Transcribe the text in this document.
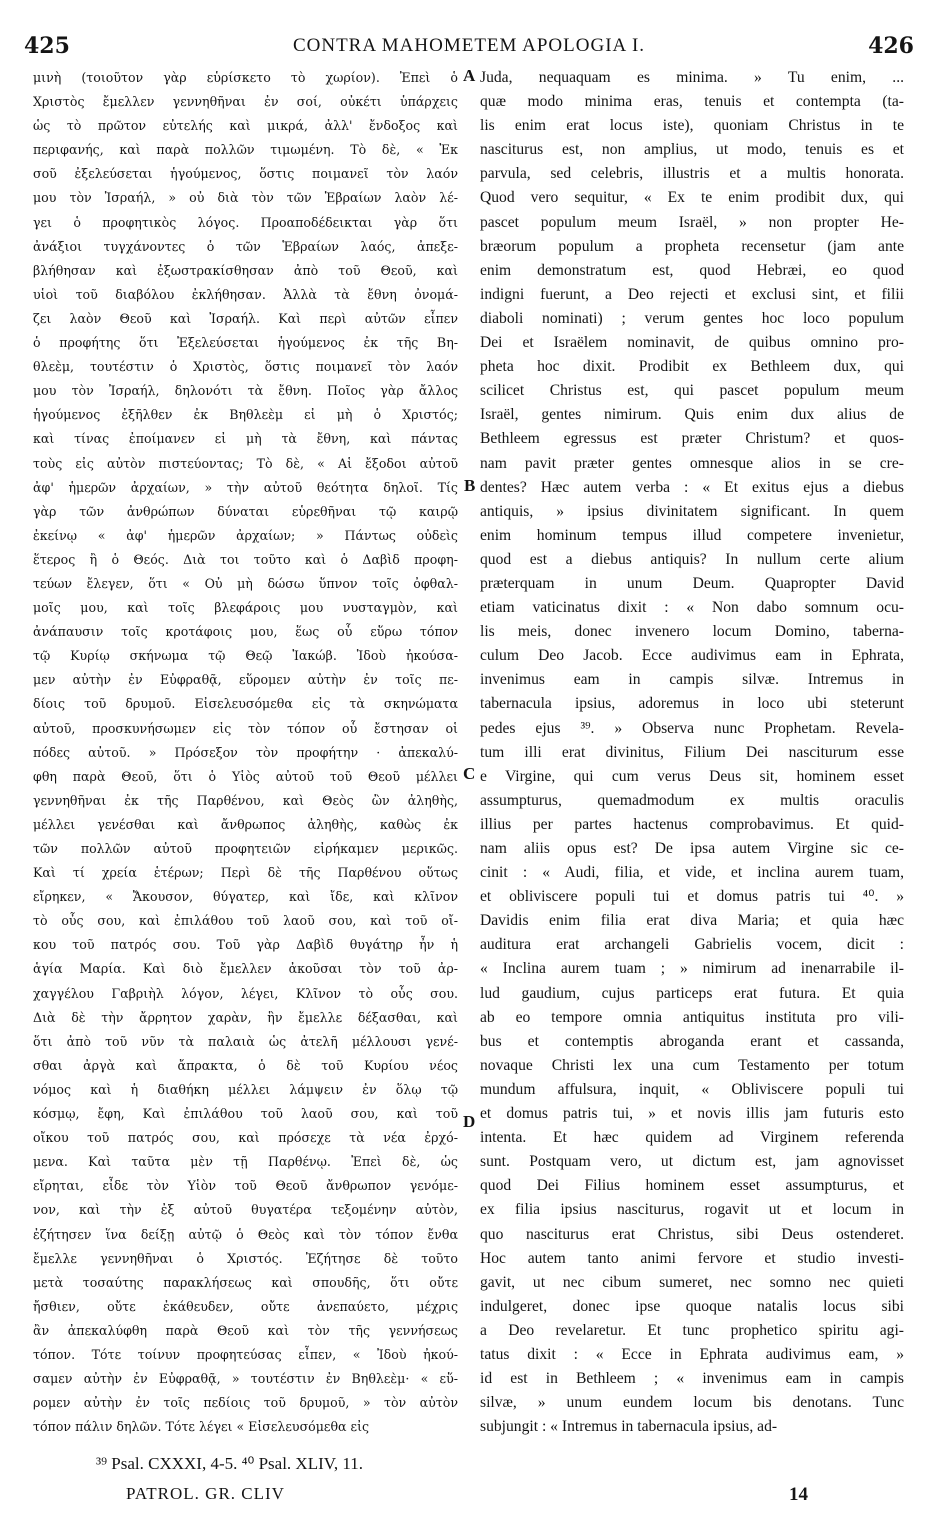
425	CONTRA MAHOMETEM APOLOGIA I.	426
μινὴ (τοιοῦτον γὰρ εὑρίσκετο τὸ χωρίον). Ἐπεὶ ὁ
Χριστὸς ἔμελλεν γεννηθῆναι ἐν σοί, οὐκέτι ὑπάρχεις
ὡς τὸ πρῶτον εὐτελής καὶ μικρά, ἀλλ' ἔνδοξος καὶ
περιφανής, καὶ παρὰ πολλῶν τιμωμένη. Τὸ δὲ, « Ἐκ
σοῦ ἐξελεύσεται ἡγούμενος, ὅστις ποιμανεῖ τὸν λαόν
μου τὸν Ἰσραήλ, » οὐ διὰ τὸν τῶν Ἑβραίων λαὸν λέ-
γει ὁ προφητικὸς λόγος. Προαποδέδεικται γὰρ ὅτι
ἀνάξιοι τυγχάνοντες ὁ τῶν Ἑβραίων λαός, ἀπεξε-
βλήθησαν καὶ ἐξωστρακίσθησαν ἀπὸ τοῦ Θεοῦ, καὶ
υἱοὶ τοῦ διαβόλου ἐκλήθησαν. Ἀλλὰ τὰ ἔθνη ὀνομά-
ζει λαὸν Θεοῦ καὶ Ἰσραήλ. Καὶ περὶ αὐτῶν εἶπεν
ὁ προφήτης ὅτι Ἐξελεύσεται ἡγούμενος ἐκ τῆς Βη-
θλεὲμ, τουτέστιν ὁ Χριστὸς, ὅστις ποιμανεῖ τὸν λαόν
μου τὸν Ἰσραήλ, δηλονότι τὰ ἔθνη. Ποῖος γὰρ ἄλλος
ἡγούμενος ἐξῆλθεν ἐκ Βηθλεὲμ εἰ μὴ ὁ Χριστός;
καὶ τίνας ἐποίμανεν εἰ μὴ τὰ ἔθνη, καὶ πάντας
τοὺς εἰς αὐτὸν πιστεύοντας; Τὸ δὲ, « Αἱ ἔξοδοι αὐτοῦ
ἀφ' ἡμερῶν ἀρχαίων, » τὴν αὐτοῦ θεότητα δηλοῖ. Τίς
γὰρ τῶν ἀνθρώπων δύναται εὑρεθῆναι τῷ καιρῷ
ἐκείνῳ « ἀφ' ἡμερῶν ἀρχαίων; » Πάντως οὐδεὶς
ἕτερος ἢ ὁ Θεός. Διὰ τοι τοῦτο καὶ ὁ Δαβὶδ προφη-
τεύων ἔλεγεν, ὅτι « Οὐ μὴ δώσω ὕπνον τοῖς ὀφθαλ-
μοῖς μου, καὶ τοῖς βλεφάροις μου νυσταγμὸν, καὶ
ἀνάπαυσιν τοῖς κροτάφοις μου, ἕως οὗ εὕρω τόπον
τῷ Κυρίῳ σκήνωμα τῷ Θεῷ Ἰακώβ. Ἰδοὺ ἠκούσα-
μεν αὐτὴν ἐν Εὐφραθᾷ, εὕρομεν αὐτὴν ἐν τοῖς πε-
δίοις τοῦ δρυμοῦ. Εἰσελευσόμεθα εἰς τὰ σκηνώματα
αὐτοῦ, προσκυνήσωμεν εἰς τὸν τόπον οὗ ἔστησαν οἱ
πόδες αὐτοῦ. » Πρόσεξον τὸν προφήτην · ἀπεκαλύ-
φθη παρὰ Θεοῦ, ὅτι ὁ Υἱὸς αὐτοῦ τοῦ Θεοῦ μέλλει
γεννηθῆναι ἐκ τῆς Παρθένου, καὶ Θεὸς ὢν ἀληθὴς,
μέλλει γενέσθαι καὶ ἄνθρωπος ἀληθὴς, καθὼς ἐκ
τῶν πολλῶν αὐτοῦ προφητειῶν εἰρήκαμεν μερικῶς.
Καὶ τί χρεία ἑτέρων; Περὶ δὲ τῆς Παρθένου οὕτως
εἴρηκεν, « Ἄκουσον, θύγατερ, καὶ ἴδε, καὶ κλῖνον
τὸ οὖς σου, καὶ ἐπιλάθου τοῦ λαοῦ σου, καὶ τοῦ οἴ-
κου τοῦ πατρός σου. Τοῦ γὰρ Δαβὶδ θυγάτηρ ἦν ἡ
ἁγία Μαρία. Καὶ διὸ ἔμελλεν ἀκοῦσαι τὸν τοῦ ἀρ-
χαγγέλου Γαβριὴλ λόγον, λέγει, Κλῖνον τὸ οὖς σου.
Διὰ δὲ τὴν ἄρρητον χαρὰν, ἣν ἔμελλε δέξασθαι, καὶ
ὅτι ἀπὸ τοῦ νῦν τὰ παλαιὰ ὡς ἀτελῆ μέλλουσι γενέ-
σθαι ἀργὰ καὶ ἄπρακτα, ὁ δὲ τοῦ Κυρίου νέος
νόμος καὶ ἡ διαθήκη μέλλει λάμψειν ἐν ὅλῳ τῷ
κόσμῳ, ἔφη, Καὶ ἐπιλάθου τοῦ λαοῦ σου, καὶ τοῦ
οἴκου τοῦ πατρός σου, καὶ πρόσεχε τὰ νέα ἐρχό-
μενα. Καὶ ταῦτα μὲν τῇ Παρθένῳ. Ἐπεὶ δὲ, ὡς
εἴρηται, εἶδε τὸν Υἱὸν τοῦ Θεοῦ ἄνθρωπον γενόμε-
νον, καὶ τὴν ἐξ αὐτοῦ θυγατέρα τεξομένην αὐτὸν,
ἐζήτησεν ἵνα δείξῃ αὐτῷ ὁ Θεὸς καὶ τὸν τόπον ἔνθα
ἔμελλε γεννηθῆναι ὁ Χριστός. Ἐζήτησε δὲ τοῦτο
μετὰ τοσαύτης παρακλήσεως καὶ σπουδῆς, ὅτι οὔτε
ἤσθιεν, οὔτε ἐκάθευδεν, οὔτε ἀνεπαύετο, μέχρις
ἂν ἀπεκαλύφθη παρὰ Θεοῦ καὶ τὸν τῆς γεννήσεως
τόπον. Τότε τοίνυν προφητεύσας εἶπεν, « Ἰδοὺ ἠκού-
σαμεν αὐτὴν ἐν Εὐφραθᾷ, » τουτέστιν ἐν Βηθλεὲμ· « εὕ-
ρομεν αὐτὴν ἐν τοῖς πεδίοις τοῦ δρυμοῦ, » τὸν αὐτὸν
τόπον πάλιν δηλῶν. Τότε λέγει « Εἰσελευσόμεθα εἰς
Juda, nequaquam es minima. » Tu enim, ...
quæ modo minima eras, tenuis et contempta (ta-
lis enim erat locus iste), quoniam Christus in te
nasciturus est, non amplius, ut modo, tenuis es et
parvula, sed celebris, illustris et a multis honorata.
Quod vero sequitur, « Ex te enim prodibit dux, qui
pascet populum meum Israël, » non propter He-
bræorum populum a propheta recensetur (jam ante
enim demonstratum est, quod Hebræi, eo quod
indigni fuerunt, a Deo rejecti et exclusi sint, et filii
diaboli nominati) ; verum gentes hoc loco populum
Dei et Israëlem nominavit, de quibus omnino pro-
pheta hoc dixit. Prodibit ex Bethleem dux, qui
scilicet Christus est, qui pascet populum meum
Israël, gentes nimirum. Quis enim dux alius de
Bethleem egressus est præter Christum? et quos-
nam pavit præter gentes omnesque alios in se cre-
dentes? Hæc autem verba : « Et exitus ejus a diebus
antiquis, » ipsius divinitatem significant. In quem
enim hominum tempus illud competere invenietur,
quod est a diebus antiquis? In nullum certe alium
præterquam in unum Deum. Quapropter David
etiam vaticinatus dixit : « Non dabo somnum ocu-
lis meis, donec invenero locum Domino, taberna-
culum Deo Jacob. Ecce audivimus eam in Ephrata,
invenimus eam in campis silvæ. Intremus in
tabernacula ipsius, adoremus in loco ubi steterunt
pedes ejus ³⁹. » Observa nunc Prophetam. Revela-
tum illi erat divinitus, Filium Dei nasciturum esse
e Virgine, qui cum verus Deus sit, hominem esset
assumpturus, quemadmodum ex multis oraculis
illius per partes hactenus comprobavimus. Et quid-
nam aliis opus est? De ipsa autem Virgine sic ce-
cinit : « Audi, filia, et vide, et inclina aurem tuam,
et obliviscere populi tui et domus patris tui ⁴⁰. »
Davidis enim filia erat diva Maria; et quia hæc
auditura erat archangeli Gabrielis vocem, dicit :
« Inclina aurem tuam ; » nimirum ad inenarrabile il-
lud gaudium, cujus particeps erat futura. Et quia
ab eo tempore omnia antiquitus instituta pro vili-
bus et contemptis abroganda erant et cassanda,
novaque Christi lex una cum Testamento per totum
mundum affulsura, inquit, « Obliviscere populi tui
et domus patris tui, » et novis illis jam futuris esto
intenta. Et hæc quidem ad Virginem referenda
sunt. Postquam vero, ut dictum est, jam agnovisset
quod Dei Filius hominem esset assumpturus, et
ex filia ipsius nasciturus, rogavit ut et locum in
quo nasciturus erat Christus, sibi Deus ostenderet.
Hoc autem tanto animi fervore et studio investi-
gavit, ut nec cibum sumeret, nec somno nec quieti
indulgeret, donec ipse quoque natalis locus sibi
a Deo revelaretur. Et tunc prophetico spiritu agi-
tatus dixit : « Ecce in Ephrata audivimus eam, »
id est in Bethleem ; « invenimus eam in campis
silvæ, » unum eundem locum bis denotans. Tunc
subjungit : « Intremus in tabernacula ipsius, ad-
A
B
C
D
³⁹ Psal. CXXXI, 4-5. ⁴⁰ Psal. XLIV, 11.
PATROL. GR. CLIV	14
